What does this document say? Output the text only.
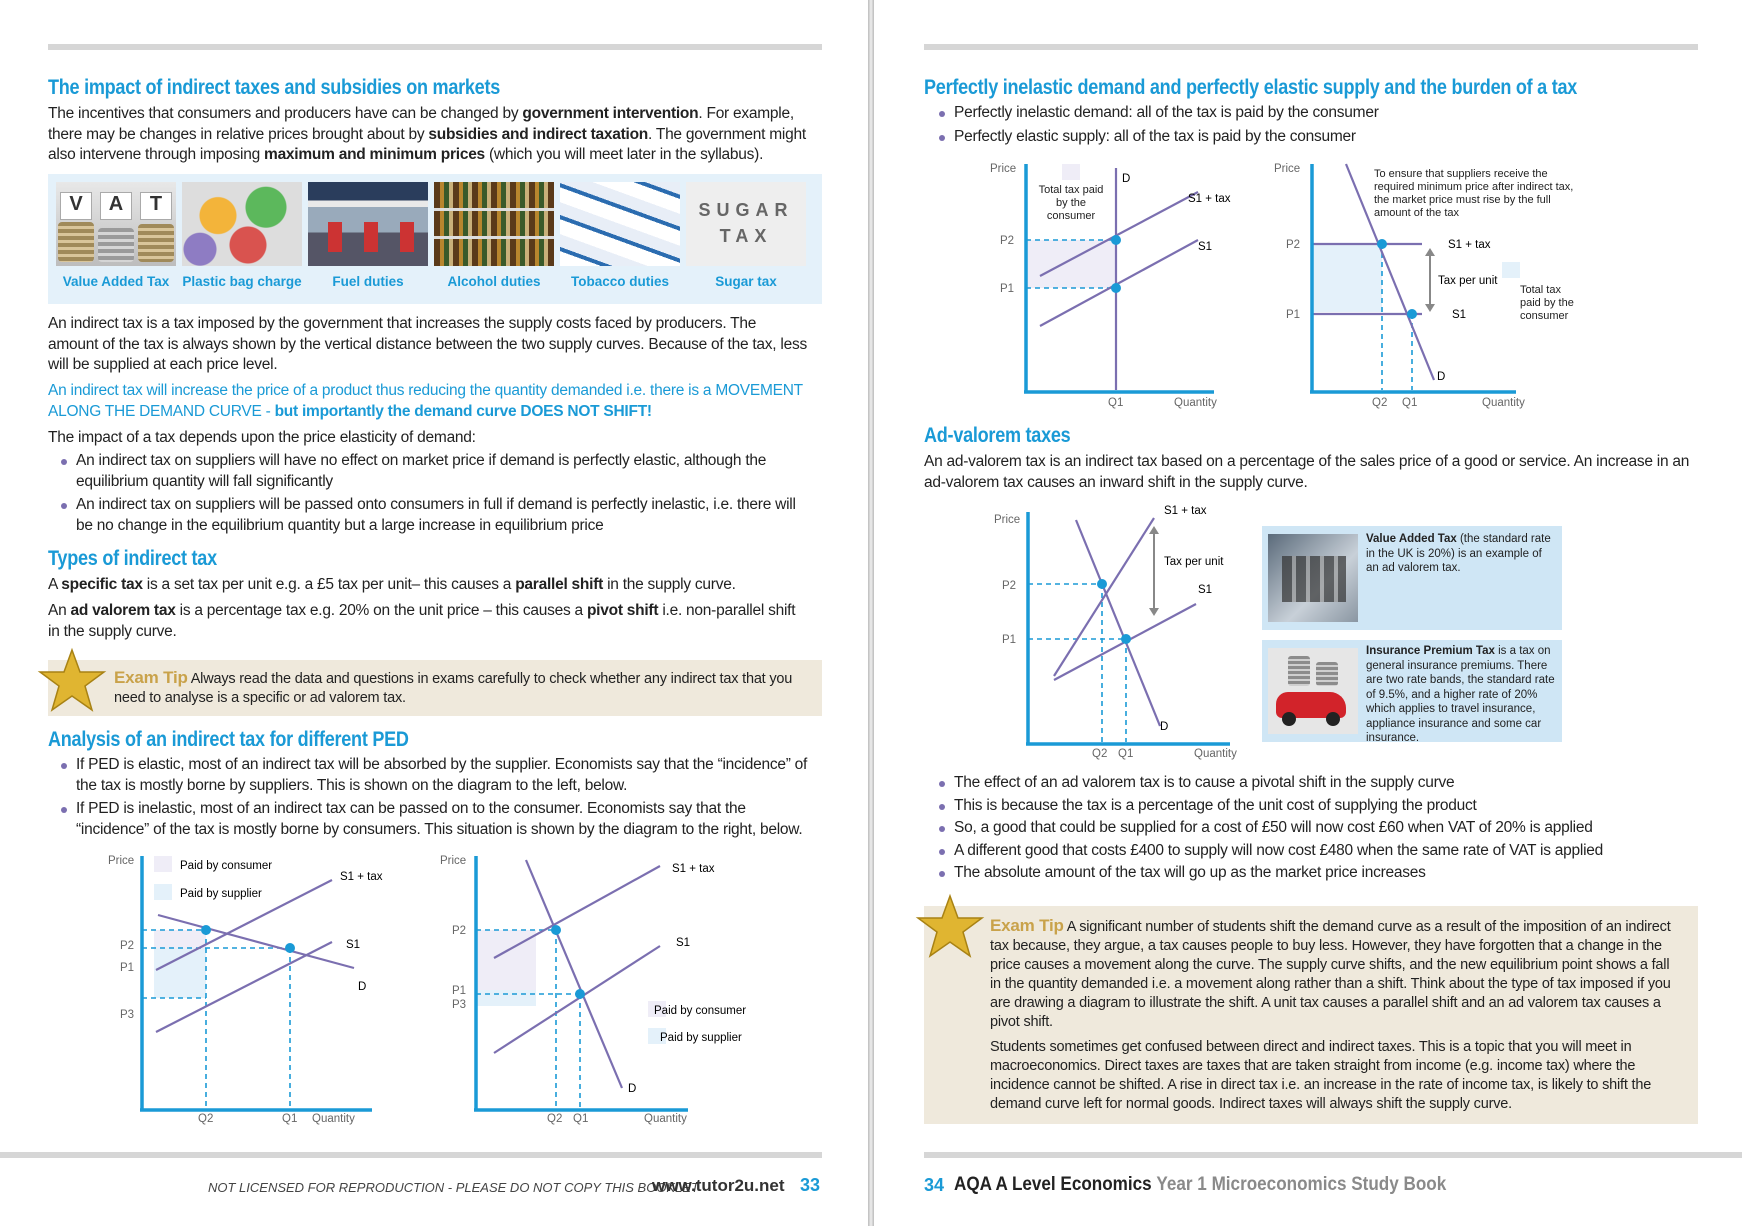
The impact of indirect taxes and subsidies on markets
The incentives that consumers and producers have can be changed by government intervention. For example, there may be changes in relative prices brought about by subsidies and indirect taxation. The government might also intervene through imposing maximum and minimum prices (which you will meet later in the syllabus).
V	A	T
Value Added Tax Plastic bag charge	Fuel duties	Alcohol duties	Tobacco duties
SUGAR
TAX
Sugar tax
An indirect tax is a tax imposed by the government that increases the supply costs faced by producers. The amount of the tax is always shown by the vertical distance between the two supply curves. Because of the tax, less will be supplied at each price level.
An indirect tax will increase the price of a product thus reducing the quantity demanded i.e. there is a MOVEMENT ALONG THE DEMAND CURVE - but importantly the demand curve DOES NOT SHIFT!
The impact of a tax depends upon the price elasticity of demand:
An indirect tax on suppliers will have no effect on market price if demand is perfectly elastic, although the equilibrium quantity will fall significantly
An indirect tax on suppliers will be passed onto consumers in full if demand is perfectly inelastic, i.e. there will be no change in the equilibrium quantity but a large increase in equilibrium price
Types of indirect tax
A specific tax is a set tax per unit e.g. a £5 tax per unit– this causes a parallel shift in the supply curve.
An ad valorem tax is a percentage tax e.g. 20% on the unit price – this causes a pivot shift i.e. non-parallel shift in the supply curve.
Exam Tip Always read the data and questions in exams carefully to check whether any indirect tax that you need to analyse is a specific or ad valorem tax.
Analysis of an indirect tax for different PED
If PED is elastic, most of an indirect tax will be absorbed by the supplier. Economists say that the “incidence” of the tax is mostly borne by suppliers. This is shown on the diagram to the left, below.
If PED is inelastic, most of an indirect tax can be passed on to the consumer. Economists say that the “incidence” of the tax is mostly borne by consumers. This situation is shown by the diagram to the right, below.
Paid by consumer
Paid by supplier
Price
S1 + tax
S1
D
P2
P1
P3
Q2	Q1 Quantity
Paid by consumer
Paid by supplier
Price
S1 + tax
S1
D
P2
P1
P3
Q2 Q1	Quantity
NOT LICENSED FOR REPRODUCTION - PLEASE DO NOT COPY THIS BOOKLET
www.tutor2u.net 33
Perfectly inelastic demand and perfectly elastic supply and the burden of a tax
Perfectly inelastic demand: all of the tax is paid by the consumer
Perfectly elastic supply: all of the tax is paid by the consumer
Price
Total tax paid by the consumer
D
S1 + tax
S1
P2
P1
Q1	Quantity
Price	To ensure that suppliers receive the required minimum price after indirect tax, the market price must rise by the full amount of the tax
S1 + tax
Tax per unit
S1
Total tax paid by the consumer
D
P2
P1
Q2 Q1	Quantity
Ad-valorem taxes
An ad-valorem tax is an indirect tax based on a percentage of the sales price of a good or service. An increase in an ad-valorem tax causes an inward shift in the supply curve.
Price
S1 + tax
Tax per unit
S1
D
P2
P1
Q2 Q1	Quantity
Value Added Tax (the standard rate in the UK is 20%) is an example of an ad valorem tax.
Insurance Premium Tax is a tax on general insurance premiums. There are two rate bands, the standard rate of 9.5%, and a higher rate of 20% which applies to travel insurance, appliance insurance and some car insurance.
The effect of an ad valorem tax is to cause a pivotal shift in the supply curve
This is because the tax is a percentage of the unit cost of supplying the product
So, a good that could be supplied for a cost of £50 will now cost £60 when VAT of 20% is applied
A different good that costs £400 to supply will now cost £480 when the same rate of VAT is applied
The absolute amount of the tax will go up as the market price increases
Exam Tip A significant number of students shift the demand curve as a result of the imposition of an indirect tax because, they argue, a tax causes people to buy less. However, they have forgotten that a change in the price causes a movement along the curve. The supply curve shifts, and the new equilibrium point shows a fall in the quantity demanded i.e. a movement along rather than a shift. Think about the type of tax imposed if you are drawing a diagram to illustrate the shift. A unit tax causes a parallel shift and an ad valorem tax causes a pivot shift.
Students sometimes get confused between direct and indirect taxes. This is a topic that you will meet in macroeconomics. Direct taxes are taxes that are taken straight from income (e.g. income tax) where the incidence cannot be shifted. A rise in direct tax i.e. an increase in the rate of income tax, is likely to shift the demand curve left for normal goods. Indirect taxes will always shift the supply curve.
34 AQA A Level Economics Year 1 Microeconomics Study Book
